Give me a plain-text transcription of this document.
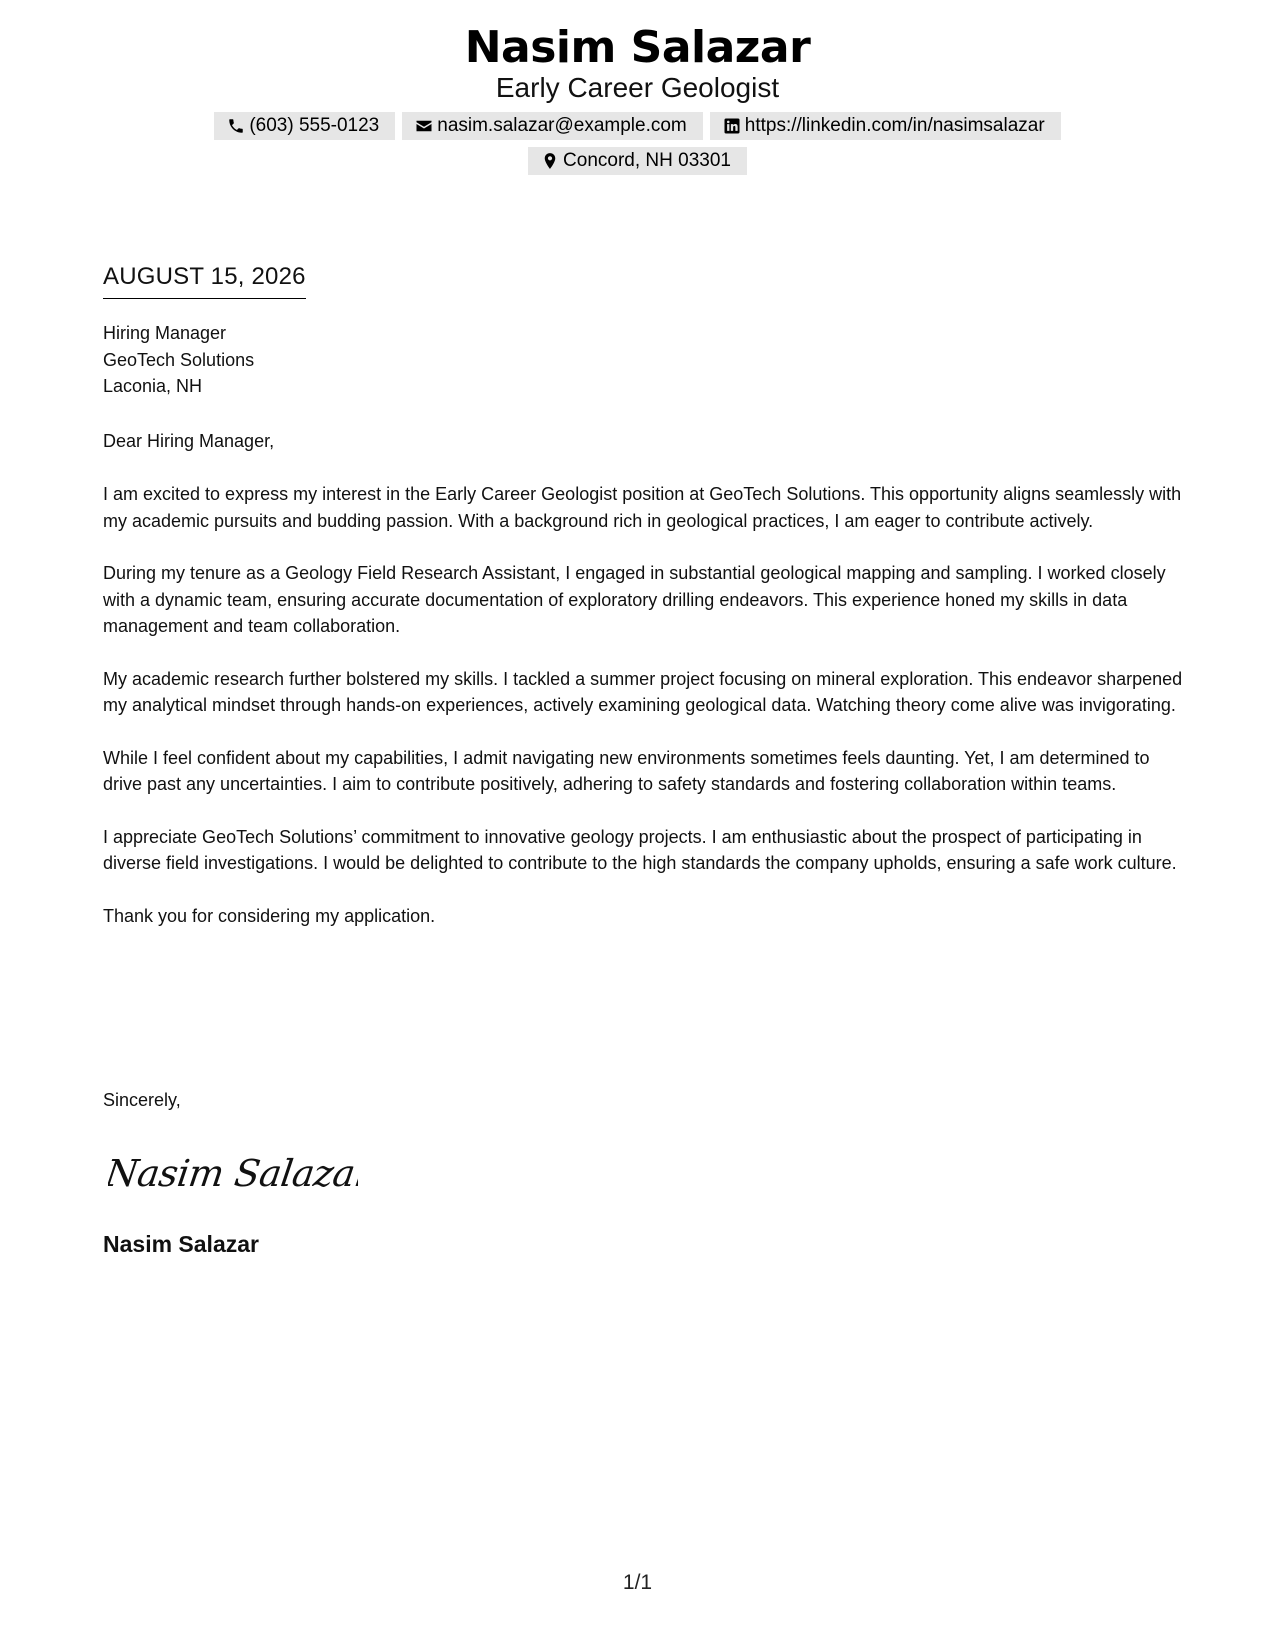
Nasim Salazar
Early Career Geologist
(603) 555-0123	nasim.salazar@example.com	https://linkedin.com/in/nasimsalazar
Concord, NH 03301
AUGUST 15, 2026
Hiring Manager
GeoTech Solutions
Laconia, NH
Dear Hiring Manager,

I am excited to express my interest in the Early Career Geologist position at GeoTech Solutions. This opportunity aligns seamlessly with my academic pursuits and budding passion. With a background rich in geological practices, I am eager to contribute actively.

During my tenure as a Geology Field Research Assistant, I engaged in substantial geological mapping and sampling. I worked closely with a dynamic team, ensuring accurate documentation of exploratory drilling endeavors. This experience honed my skills in data management and team collaboration.

My academic research further bolstered my skills. I tackled a summer project focusing on mineral exploration. This endeavor sharpened my analytical mindset through hands-on experiences, actively examining geological data. Watching theory come alive was invigorating.

While I feel confident about my capabilities, I admit navigating new environments sometimes feels daunting. Yet, I am determined to drive past any uncertainties. I aim to contribute positively, adhering to safety standards and fostering collaboration within teams.

I appreciate GeoTech Solutions’ commitment to innovative geology projects. I am enthusiastic about the prospect of participating in diverse field investigations. I would be delighted to contribute to the high standards the company upholds, ensuring a safe work culture.

Thank you for considering my application.

Sincerely,
Nasim Salazar
Nasim Salazar
1/1
